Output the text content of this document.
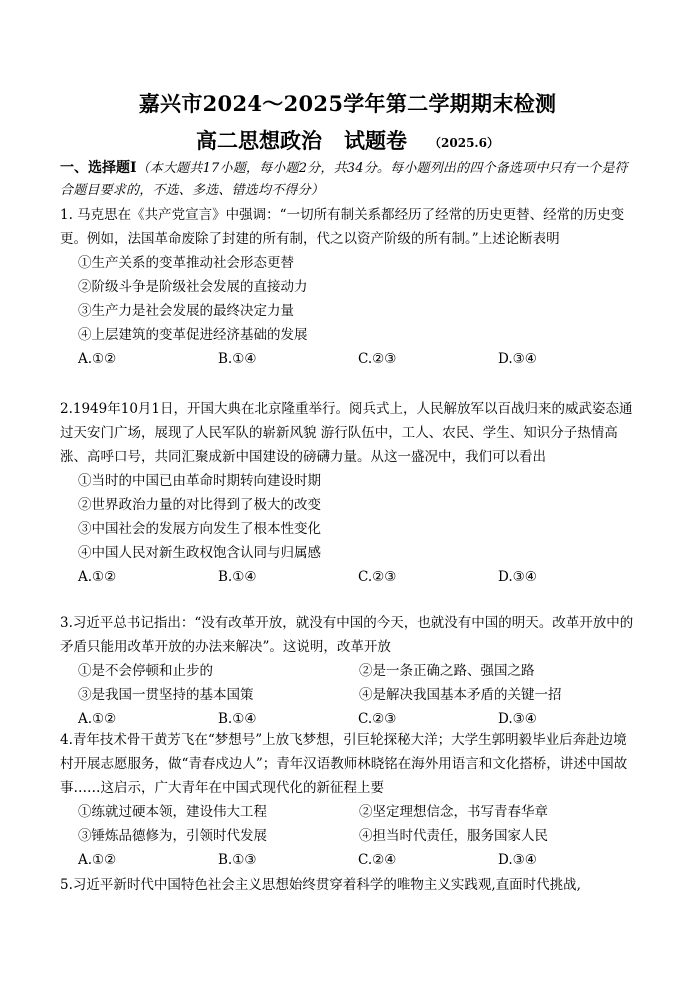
嘉兴市2024～2025学年第二学期期末检测
高二思想政治 试题卷 （2025.6）
一、选择题Ⅰ（本大题共17小题，每小题2分，共34分。每小题列出的四个备选项中只有一个是符合题目要求的，不选、多选、错选均不得分）

1. 马克思在《共产党宣言》中强调：“一切所有制关系都经历了经常的历史更替、经常的历史变更。例如，法国革命废除了封建的所有制，代之以资产阶级的所有制。”上述论断表明

①生产关系的变革推动社会形态更替

②阶级斗争是阶级社会发展的直接动力

③生产力是社会发展的最终决定力量

④上层建筑的变革促进经济基础的发展

A.①②	B.①④	C.②③	D.③④

2.1949年10月1日，开国大典在北京隆重举行。阅兵式上，人民解放军以百战归来的威武姿态通过天安门广场，展现了人民军队的崭新风貌 游行队伍中，工人、农民、学生、知识分子热情高涨、高呼口号，共同汇聚成新中国建设的磅礴力量。从这一盛况中，我们可以看出

①当时的中国已由革命时期转向建设时期

②世界政治力量的对比得到了极大的改变

③中国社会的发展方向发生了根本性变化

④中国人民对新生政权饱含认同与归属感

A.①②	B.①④	C.②③	D.③④

3.习近平总书记指出：“没有改革开放，就没有中国的今天，也就没有中国的明天。改革开放中的矛盾只能用改革开放的办法来解决”。这说明，改革开放

①是不会停顿和止步的	②是一条正确之路、强国之路
③是我国一贯坚持的基本国策	④是解决我国基本矛盾的关键一招
A.①②	B.①④	C.②③	D.③④

4.青年技术骨干黄芳飞在“梦想号”上放飞梦想，引巨轮探秘大洋；大学生郭明毅毕业后奔赴边境村开展志愿服务，做“青春戍边人”；青年汉语教师林晓铭在海外用语言和文化搭桥，讲述中国故事……这启示，广大青年在中国式现代化的新征程上要

①练就过硬本领，建设伟大工程	②坚定理想信念，书写青春华章
③锤炼品德修为，引领时代发展	④担当时代责任，服务国家人民
A.①②	B.①③	C.②④	D.③④

5.习近平新时代中国特色社会主义思想始终贯穿着科学的唯物主义实践观,直面时代挑战,
